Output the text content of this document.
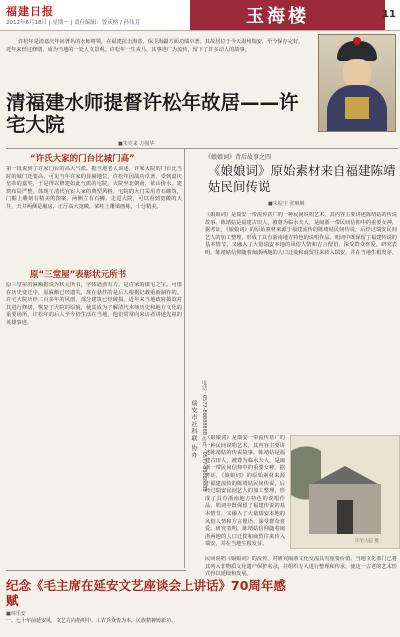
福建日报
2012年6月18日 | 星期一 | 责任编辑：曾庆榕 / 孙伟芳	玉海楼	11
许松年是清嘉庆年间著名的水师将领，在福建抗击海盗、保卫海疆方面功绩卓著。其故居位于今天温州瑞安，至今保存完好，近年来经过修缮，成为当地的一处人文景观。许松年一生戎马，其事迹广为流传，留下了许多动人的故事。
清福建水师提督许松年故居——许宅大院
■朱克来 方强华
“许氏大家的门台比城门高”
第一段说到了许家门台的高大气派。据当地老人讲述，许家大院的门台比当时的城门还要高，可见当年许家的显赫地位。许松年因战功卓著，受到嘉庆皇帝的嘉奖，于是得以修建如此气派的宅院。大院坐北朝南，依山傍水，建筑布局严整，体现了清代官宦人家的典型风格。宅院的大门采用青石砌筑，门楣上雕刻有精美的图案，两侧立有石狮。走进大院，可以看到宽敞的天井，天井两侧是厢房，正厅高大宽敞，梁柱上雕梁画栋，十分精美。
原“三堂屋”表彰状元所书
原三堂屋的匾额据说为状元所书，字体遒劲有力，是许家的镇宅之宝。可惜在历史变迁中，原匾额已经遗失，现在悬挂的是后人根据记载重新制作的。许宅大院历经二百多年的风雨，部分建筑已经破损。近年来当地政府拨款对其进行修缮，恢复了大院的原貌，使其成为了解清代水师历史和地方文化的重要场所。许松年的后人至今仍生活在当地，他们常常向来访者讲述先祖的英雄事迹。
《娘娘词》背后故事之四
《娘娘词》原始素材来自福建陈靖姑民间传说
■朱振宇 张琳琳
《娘娘词》是瑞安一带流传甚广的一种民间说唱艺术，其内容主要讲述陈靖姑的传说故事。陈靖姑是福建古田人，被尊为临水夫人，是闽浙一带民间信仰中的重要女神。据考证，《娘娘词》的原始素材来源于福建流传的陈靖姑民间传说，后经过瑞安民间艺人的加工整理，形成了具有浙南地方特色的说唱作品。唱词中既保留了福建传说的基本情节，又融入了大量瑞安本地的风俗人情和方言俚语，深受群众喜爱。研究表明，陈靖姑信仰随着闽浙两地的人口迁徙和商贸往来传入瑞安，并在当地生根发芽。
《娘娘词》是瑞安一带流传甚广的一种民间说唱艺术，其内容主要讲述陈靖姑的传说故事。陈靖姑是福建古田人，被尊为临水夫人，是闽浙一带民间信仰中的重要女神。据考证，《娘娘词》的原始素材来源于福建流传的陈靖姑民间传说，后经过瑞安民间艺人的加工整理，形成了具有浙南地方特色的说唱作品。唱词中既保留了福建传说的基本情节，又融入了大量瑞安本地的风俗人情和方言俚语，深受群众喜爱。研究表明，陈靖姑信仰随着闽浙两地的人口迁徙和商贸往来传入瑞安，并在当地生根发芽。
瑞安市社科联 协办 电话：0577-88888888 传真：0577-88888888
许宅大院 摄
纪念《毛主席在延安文艺座谈会上讲话》70周年感赋
■林乐安
一、七十年前延安风，文艺方向指明中。工农兵众皆为本，民族精神铸新功。
民间说唱《娘娘词》的流传，对研究闽浙文化交流具有重要价值。当地文化部门已将其列入非物质文化遗产保护名录，并组织专人进行整理和传承，使这一古老的艺术形式得以延续和发展。
